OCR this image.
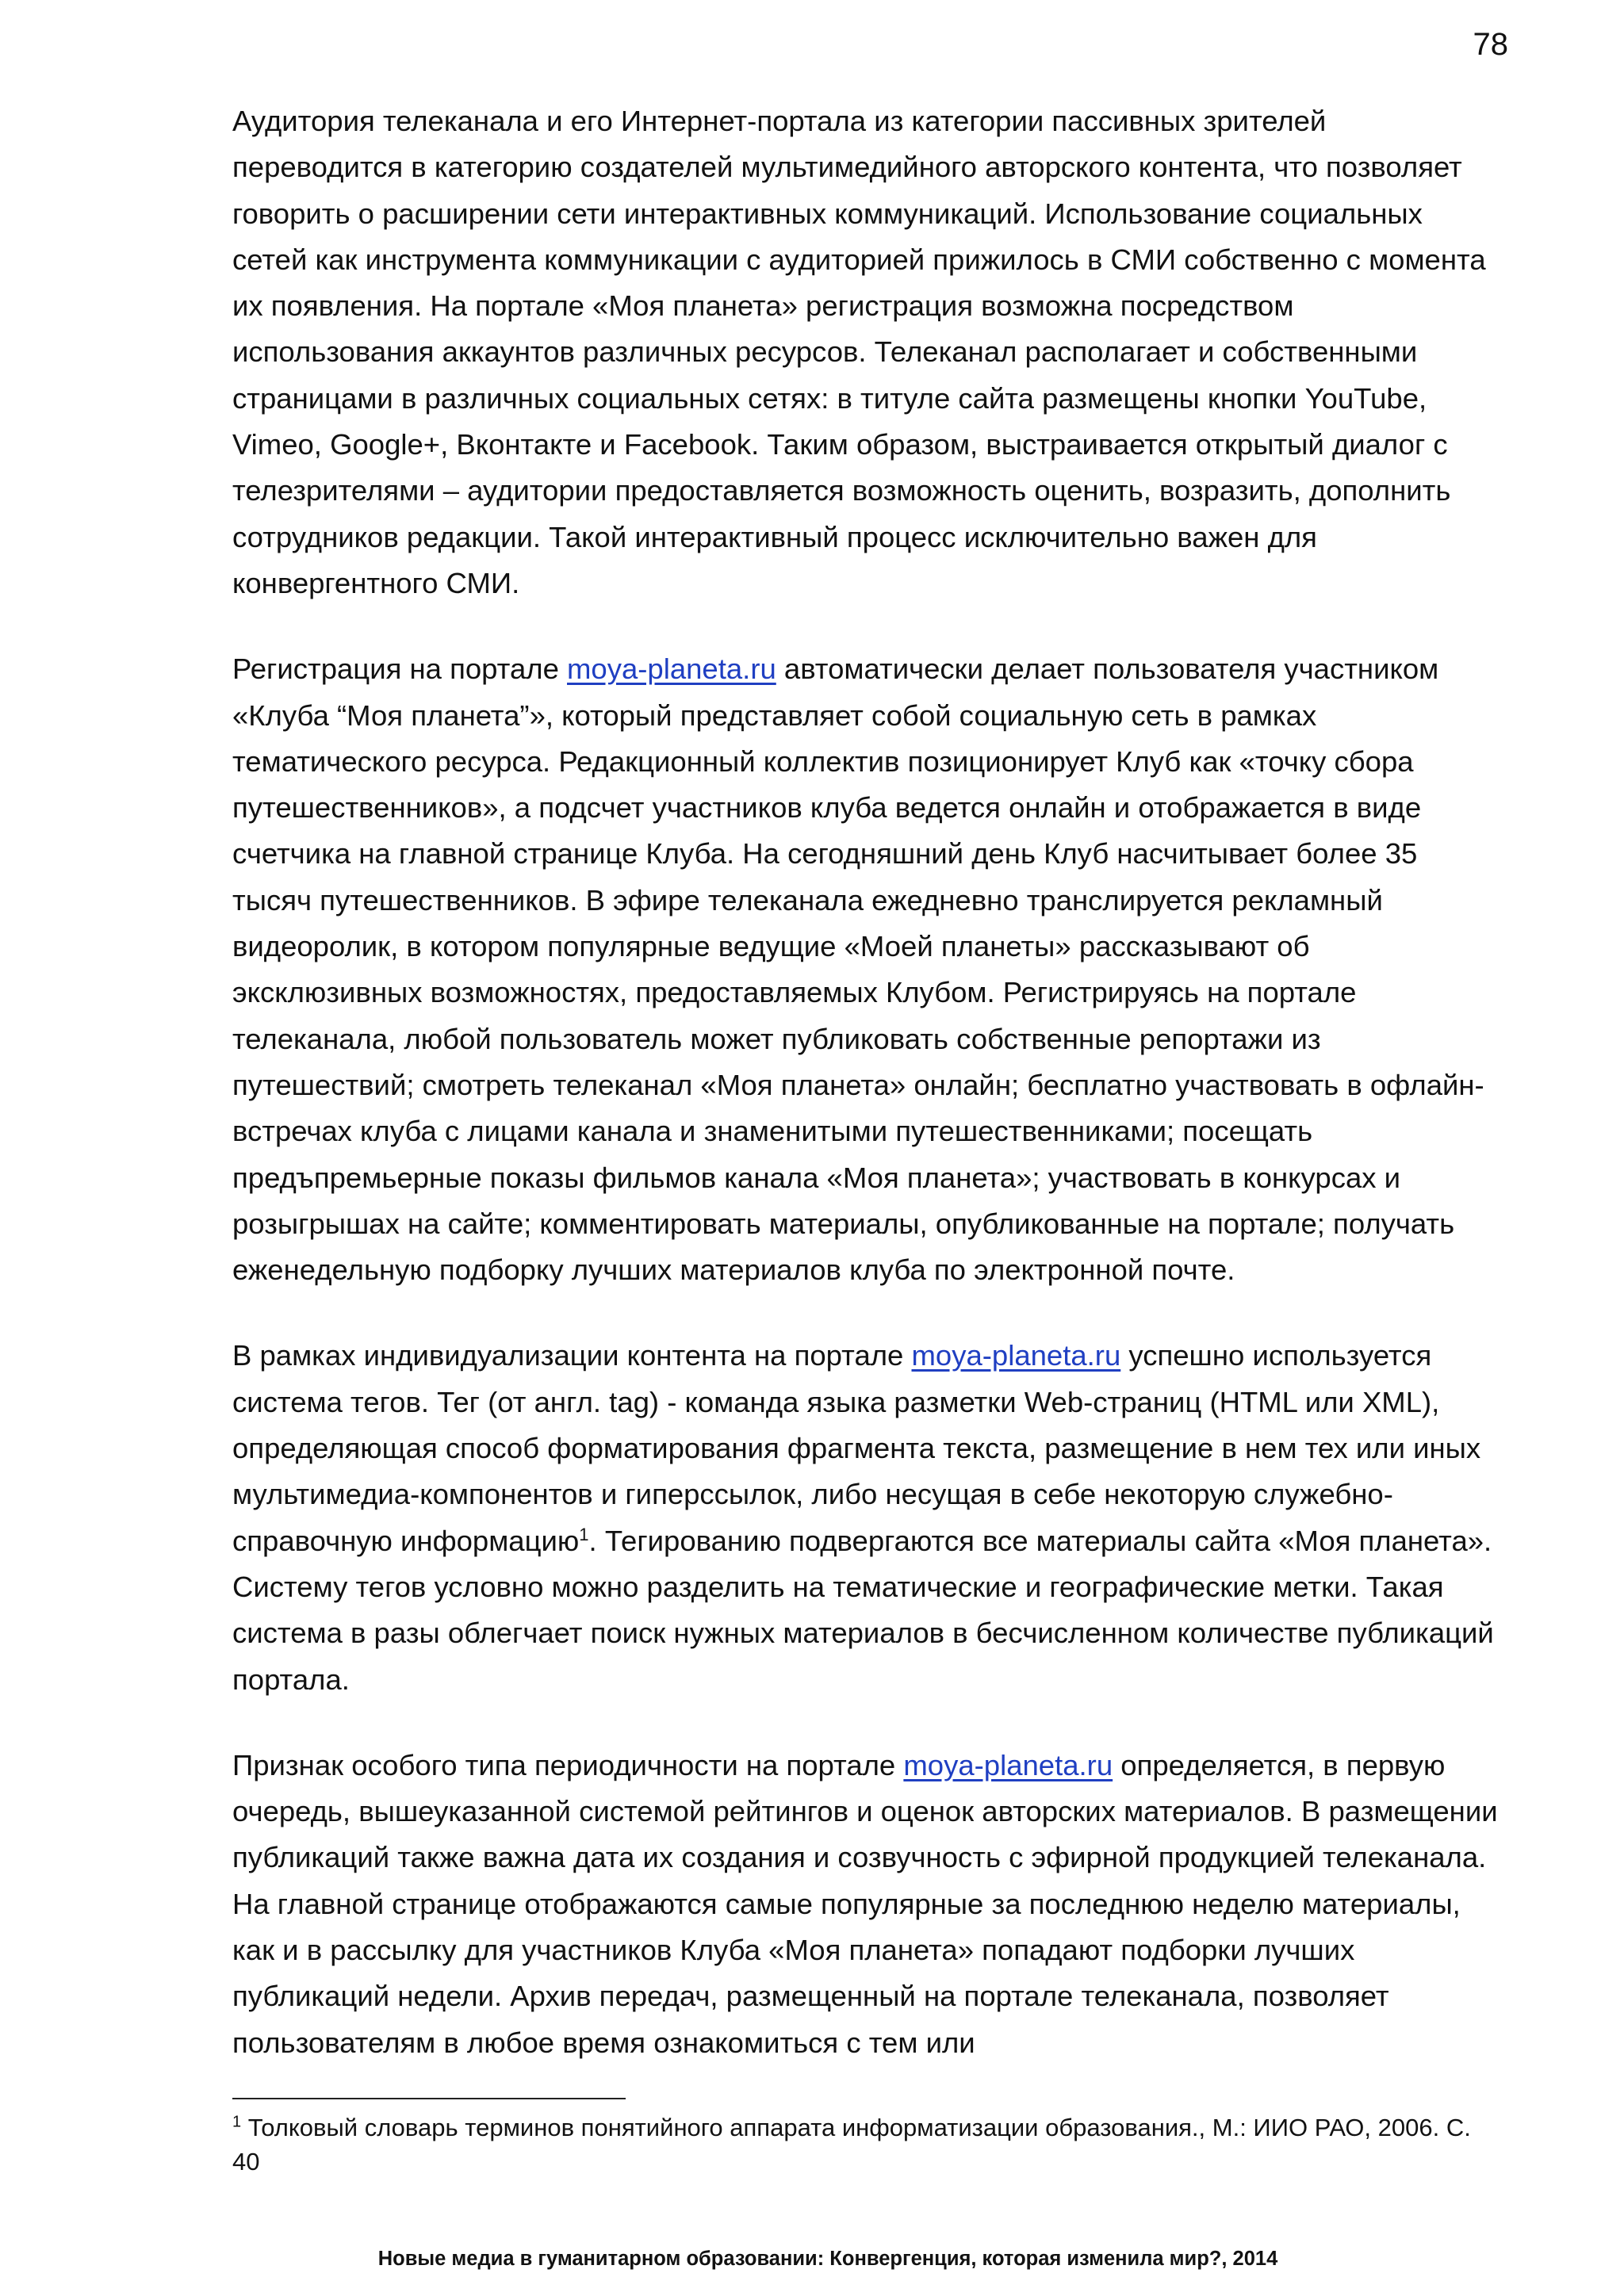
78

Аудитория телеканала и его Интернет-портала из категории пассивных зрителей переводится в категорию создателей мультимедийного авторского контента, что позволяет говорить о расширении сети интерактивных коммуникаций. Использование социальных сетей как инструмента коммуникации с аудиторией прижилось в СМИ собственно с момента их появления. На портале «Моя планета» регистрация возможна посредством использования аккаунтов различных ресурсов. Телеканал располагает и собственными страницами в различных социальных сетях: в титуле сайта размещены кнопки YouTube, Vimeo, Google+, Вконтакте и Facebook. Таким образом, выстраивается открытый диалог с телезрителями – аудитории предоставляется возможность оценить, возразить, дополнить сотрудников редакции. Такой интерактивный процесс исключительно важен для конвергентного СМИ.

Регистрация на портале moya-planeta.ru автоматически делает пользователя участником «Клуба “Моя планета”», который представляет собой социальную сеть в рамках тематического ресурса. Редакционный коллектив позиционирует Клуб как «точку сбора путешественников», а подсчет участников клуба ведется онлайн и отображается в виде счетчика на главной странице Клуба. На сегодняшний день Клуб насчитывает более 35 тысяч путешественников. В эфире телеканала ежедневно транслируется рекламный видеоролик, в котором популярные ведущие «Моей планеты» рассказывают об эксклюзивных возможностях, предоставляемых Клубом. Регистрируясь на портале телеканала, любой пользователь может публиковать собственные репортажи из путешествий; смотреть телеканал «Моя планета» онлайн; бесплатно участвовать в офлайн-встречах клуба с лицами канала и знаменитыми путешественниками; посещать предъпремьерные показы фильмов канала «Моя планета»; участвовать в конкурсах и розыгрышах на сайте; комментировать материалы, опубликованные на портале; получать еженедельную подборку лучших материалов клуба по электронной почте.

В рамках индивидуализации контента на портале moya-planeta.ru успешно используется система тегов. Тег (от англ. tag) - команда языка разметки Web-страниц (HTML или XML), определяющая способ форматирования фрагмента текста, размещение в нем тех или иных мультимедиа-компонентов и гиперссылок, либо несущая в себе некоторую служебно-справочную информацию$^1$. Тегированию подвергаются все материалы сайта «Моя планета». Систему тегов условно можно разделить на тематические и географические метки. Такая система в разы облегчает поиск нужных материалов в бесчисленном количестве публикаций портала.

Признак особого типа периодичности на портале moya-planeta.ru определяется, в первую очередь, вышеуказанной системой рейтингов и оценок авторских материалов. В размещении публикаций также важна дата их создания и созвучность с эфирной продукцией телеканала. На главной странице отображаются самые популярные за последнюю неделю материалы, как и в рассылку для участников Клуба «Моя планета» попадают подборки лучших публикаций недели. Архив передач, размещенный на портале телеканала, позволяет пользователям в любое время ознакомиться с тем или

$^1$ Толковый словарь терминов понятийного аппарата информатизации образования., М.: ИИО РАО, 2006. С. 40
Новые медиа в гуманитарном образовании: Конвергенция, которая изменила мир?, 2014
